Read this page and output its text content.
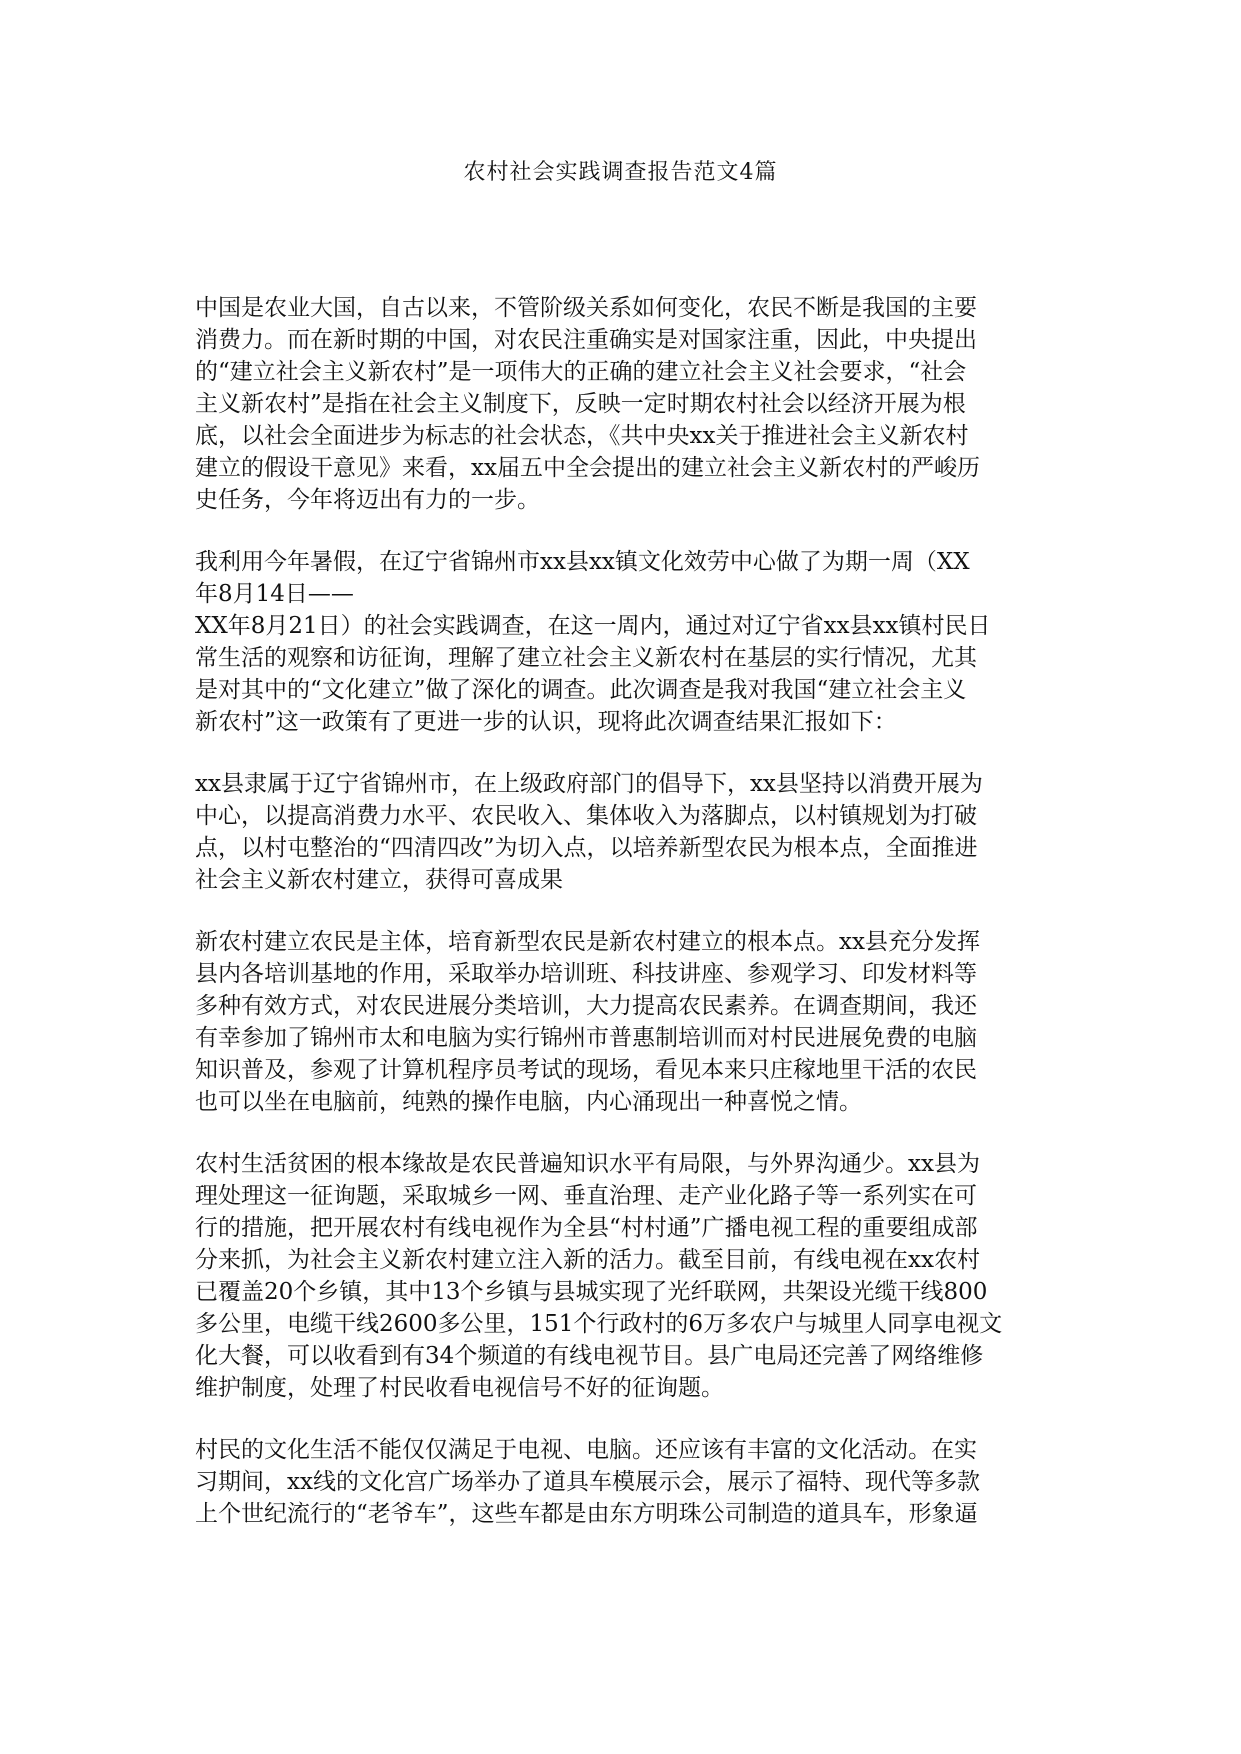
农村社会实践调查报告范文4篇

中国是农业大国，自古以来，不管阶级关系如何变化，农民不断是我国的主要
消费力。而在新时期的中国，对农民注重确实是对国家注重，因此，中央提出
的“建立社会主义新农村”是一项伟大的正确的建立社会主义社会要求，“社会
主义新农村”是指在社会主义制度下，反映一定时期农村社会以经济开展为根
底，以社会全面进步为标志的社会状态，《共中央xx关于推进社会主义新农村
建立的假设干意见》来看，xx届五中全会提出的建立社会主义新农村的严峻历
史任务，今年将迈出有力的一步。

我利用今年暑假，在辽宁省锦州市xx县xx镇文化效劳中心做了为期一周（XX
年8月14日——
XX年8月21日）的社会实践调查，在这一周内，通过对辽宁省xx县xx镇村民日
常生活的观察和访征询，理解了建立社会主义新农村在基层的实行情况，尤其
是对其中的“文化建立”做了深化的调查。此次调查是我对我国“建立社会主义
新农村”这一政策有了更进一步的认识，现将此次调查结果汇报如下：

xx县隶属于辽宁省锦州市，在上级政府部门的倡导下，xx县坚持以消费开展为
中心，以提高消费力水平、农民收入、集体收入为落脚点，以村镇规划为打破
点，以村屯整治的“四清四改”为切入点，以培养新型农民为根本点，全面推进
社会主义新农村建立，获得可喜成果

新农村建立农民是主体，培育新型农民是新农村建立的根本点。xx县充分发挥
县内各培训基地的作用，采取举办培训班、科技讲座、参观学习、印发材料等
多种有效方式，对农民进展分类培训，大力提高农民素养。在调查期间，我还
有幸参加了锦州市太和电脑为实行锦州市普惠制培训而对村民进展免费的电脑
知识普及，参观了计算机程序员考试的现场，看见本来只庄稼地里干活的农民
也可以坐在电脑前，纯熟的操作电脑，内心涌现出一种喜悦之情。

农村生活贫困的根本缘故是农民普遍知识水平有局限，与外界沟通少。xx县为
理处理这一征询题，采取城乡一网、垂直治理、走产业化路子等一系列实在可
行的措施，把开展农村有线电视作为全县“村村通”广播电视工程的重要组成部
分来抓，为社会主义新农村建立注入新的活力。截至目前，有线电视在xx农村
已覆盖20个乡镇，其中13个乡镇与县城实现了光纤联网，共架设光缆干线800
多公里，电缆干线2600多公里，151个行政村的6万多农户与城里人同享电视文
化大餐，可以收看到有34个频道的有线电视节目。县广电局还完善了网络维修
维护制度，处理了村民收看电视信号不好的征询题。

村民的文化生活不能仅仅满足于电视、电脑。还应该有丰富的文化活动。在实
习期间，xx线的文化宫广场举办了道具车模展示会，展示了福特、现代等多款
上个世纪流行的“老爷车”，这些车都是由东方明珠公司制造的道具车，形象逼
